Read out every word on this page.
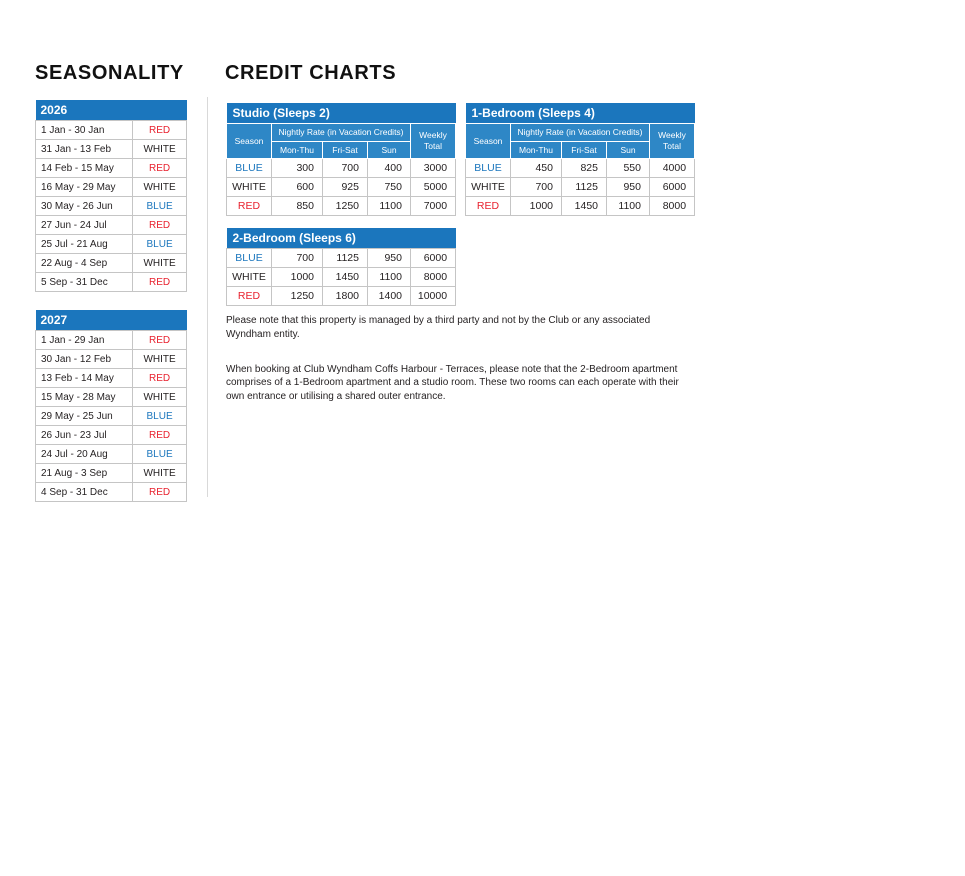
SEASONALITY CREDIT CHARTS
2026	
1 Jan - 30 Jan	RED
31 Jan - 13 Feb	WHITE
14 Feb - 15 May	RED
16 May - 29 May	WHITE
30 May - 26 Jun	BLUE
27 Jun - 24 Jul	RED
25 Jul - 21 Aug	BLUE
22 Aug - 4 Sep	WHITE
5 Sep - 31 Dec	RED
2027	
1 Jan - 29 Jan	RED
30 Jan - 12 Feb	WHITE
13 Feb - 14 May	RED
15 May - 28 May	WHITE
29 May - 25 Jun	BLUE
26 Jun - 23 Jul	RED
24 Jul - 20 Aug	BLUE
21 Aug - 3 Sep	WHITE
4 Sep - 31 Dec	RED
Studio (Sleeps 2)				
Season	Nightly Rate (in Vacation Credits)			Weekly Total
	Mon-Thu	Fri-Sat	Sun	
BLUE	300	700	400	3000
WHITE	600	925	750	5000
RED	850	1250	1100	7000
1-Bedroom (Sleeps 4)				
Season	Nightly Rate (in Vacation Credits)			Weekly Total
	Mon-Thu	Fri-Sat	Sun	
BLUE	450	825	550	4000
WHITE	700	1125	950	6000
RED	1000	1450	1100	8000
2-Bedroom (Sleeps 6)				
BLUE	700	1125	950	6000
WHITE	1000	1450	1100	8000
RED	1250	1800	1400	10000

Please note that this property is managed by a third party and not by the Club or any associated Wyndham entity.

When booking at Club Wyndham Coffs Harbour - Terraces, please note that the 2-Bedroom apartment comprises of a 1-Bedroom apartment and a studio room. These two rooms can each operate with their own entrance or utilising a shared outer entrance.
